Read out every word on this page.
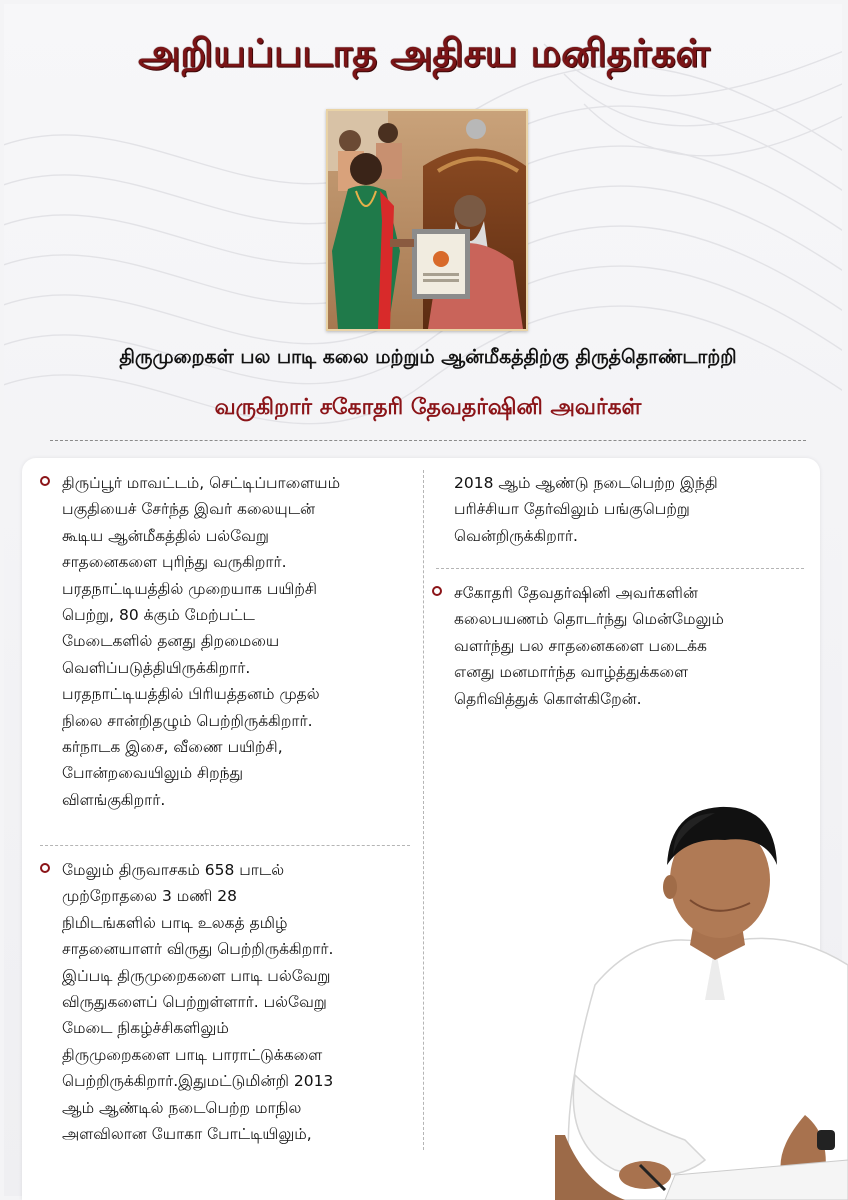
அறியப்படாத அதிசய மனிதர்கள்
திருமுறைகள் பல பாடி கலை மற்றும் ஆன்மீகத்திற்கு திருத்தொண்டாற்றி
வருகிறார் சகோதரி தேவதர்ஷினி அவர்கள்
திருப்பூர் மாவட்டம், செட்டிப்பாளையம்
பகுதியைச் சேர்ந்த இவர் கலையுடன்
கூடிய ஆன்மீகத்தில் பல்வேறு
சாதனைகளை புரிந்து வருகிறார்.
பரதநாட்டியத்தில் முறையாக பயிற்சி
பெற்று, 80 க்கும் மேற்பட்ட
மேடைகளில் தனது திறமையை
வெளிப்படுத்தியிருக்கிறார்.
பரதநாட்டியத்தில் பிரியத்தனம் முதல்
நிலை சான்றிதழும் பெற்றிருக்கிறார்.
கர்நாடக இசை, வீணை பயிற்சி,
போன்றவையிலும் சிறந்து
விளங்குகிறார்.
மேலும் திருவாசகம் 658 பாடல்
முற்றோதலை 3 மணி 28
நிமிடங்களில் பாடி உலகத் தமிழ்
சாதனையாளர் விருது பெற்றிருக்கிறார்.
இப்படி திருமுறைகளை பாடி பல்வேறு
விருதுகளைப் பெற்றுள்ளார். பல்வேறு
மேடை நிகழ்ச்சிகளிலும்
திருமுறைகளை பாடி பாராட்டுக்களை
பெற்றிருக்கிறார்.இதுமட்டுமின்றி 2013
ஆம் ஆண்டில் நடைபெற்ற மாநில
அளவிலான யோகா போட்டியிலும்,
2018 ஆம் ஆண்டு நடைபெற்ற இந்தி
பரிச்சியா தேர்விலும் பங்குபெற்று
வென்றிருக்கிறார்.
சகோதரி தேவதர்ஷினி அவர்களின்
கலைபயணம் தொடர்ந்து மென்மேலும்
வளர்ந்து பல சாதனைகளை படைக்க
எனது மனமார்ந்த வாழ்த்துக்களை
தெரிவித்துக் கொள்கிறேன்.
